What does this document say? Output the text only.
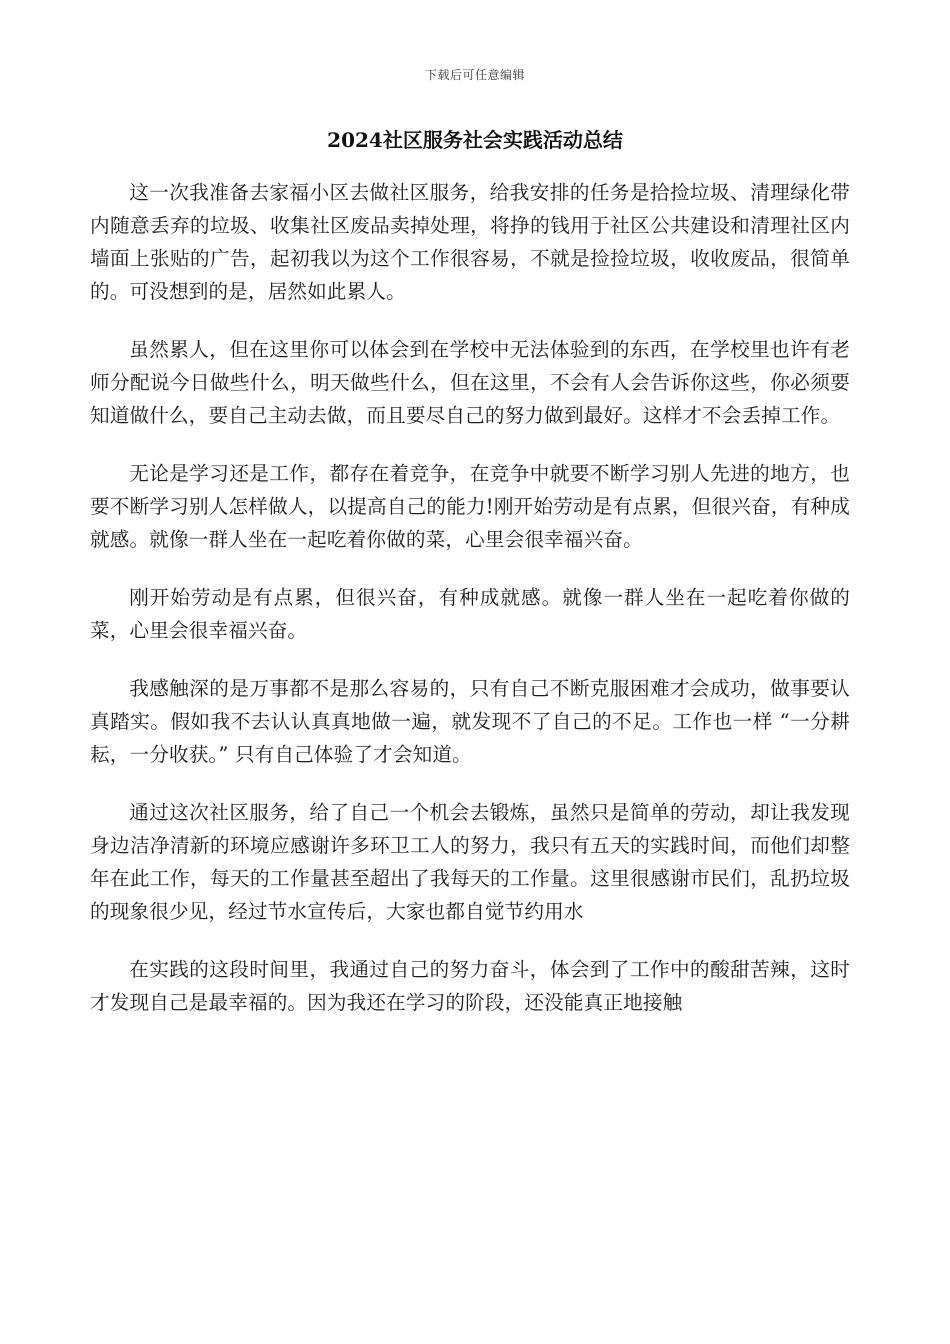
下载后可任意编辑
2024社区服务社会实践活动总结

这一次我准备去家福小区去做社区服务，给我安排的任务是拾捡垃圾、清理绿化带内随意丢弃的垃圾、收集社区废品卖掉处理，将挣的钱用于社区公共建设和清理社区内墙面上张贴的广告，起初我以为这个工作很容易，不就是捡捡垃圾，收收废品，很简单的。可没想到的是，居然如此累人。

虽然累人，但在这里你可以体会到在学校中无法体验到的东西，在学校里也许有老师分配说今日做些什么，明天做些什么，但在这里，不会有人会告诉你这些，你必须要知道做什么，要自己主动去做，而且要尽自己的努力做到最好。这样才不会丢掉工作。

无论是学习还是工作，都存在着竞争，在竞争中就要不断学习别人先进的地方，也要不断学习别人怎样做人，以提高自己的能力!刚开始劳动是有点累，但很兴奋，有种成就感。就像一群人坐在一起吃着你做的菜，心里会很幸福兴奋。

刚开始劳动是有点累，但很兴奋，有种成就感。就像一群人坐在一起吃着你做的菜，心里会很幸福兴奋。

我感触深的是万事都不是那么容易的，只有自己不断克服困难才会成功，做事要认真踏实。假如我不去认认真真地做一遍，就发现不了自己的不足。工作也一样 “一分耕耘，一分收获。” 只有自己体验了才会知道。

通过这次社区服务，给了自己一个机会去锻炼，虽然只是简单的劳动，却让我发现身边洁净清新的环境应感谢许多环卫工人的努力，我只有五天的实践时间，而他们却整年在此工作，每天的工作量甚至超出了我每天的工作量。这里很感谢市民们，乱扔垃圾的现象很少见，经过节水宣传后，大家也都自觉节约用水

在实践的这段时间里，我通过自己的努力奋斗，体会到了工作中的酸甜苦辣，这时才发现自己是最幸福的。因为我还在学习的阶段，还没能真正地接触
